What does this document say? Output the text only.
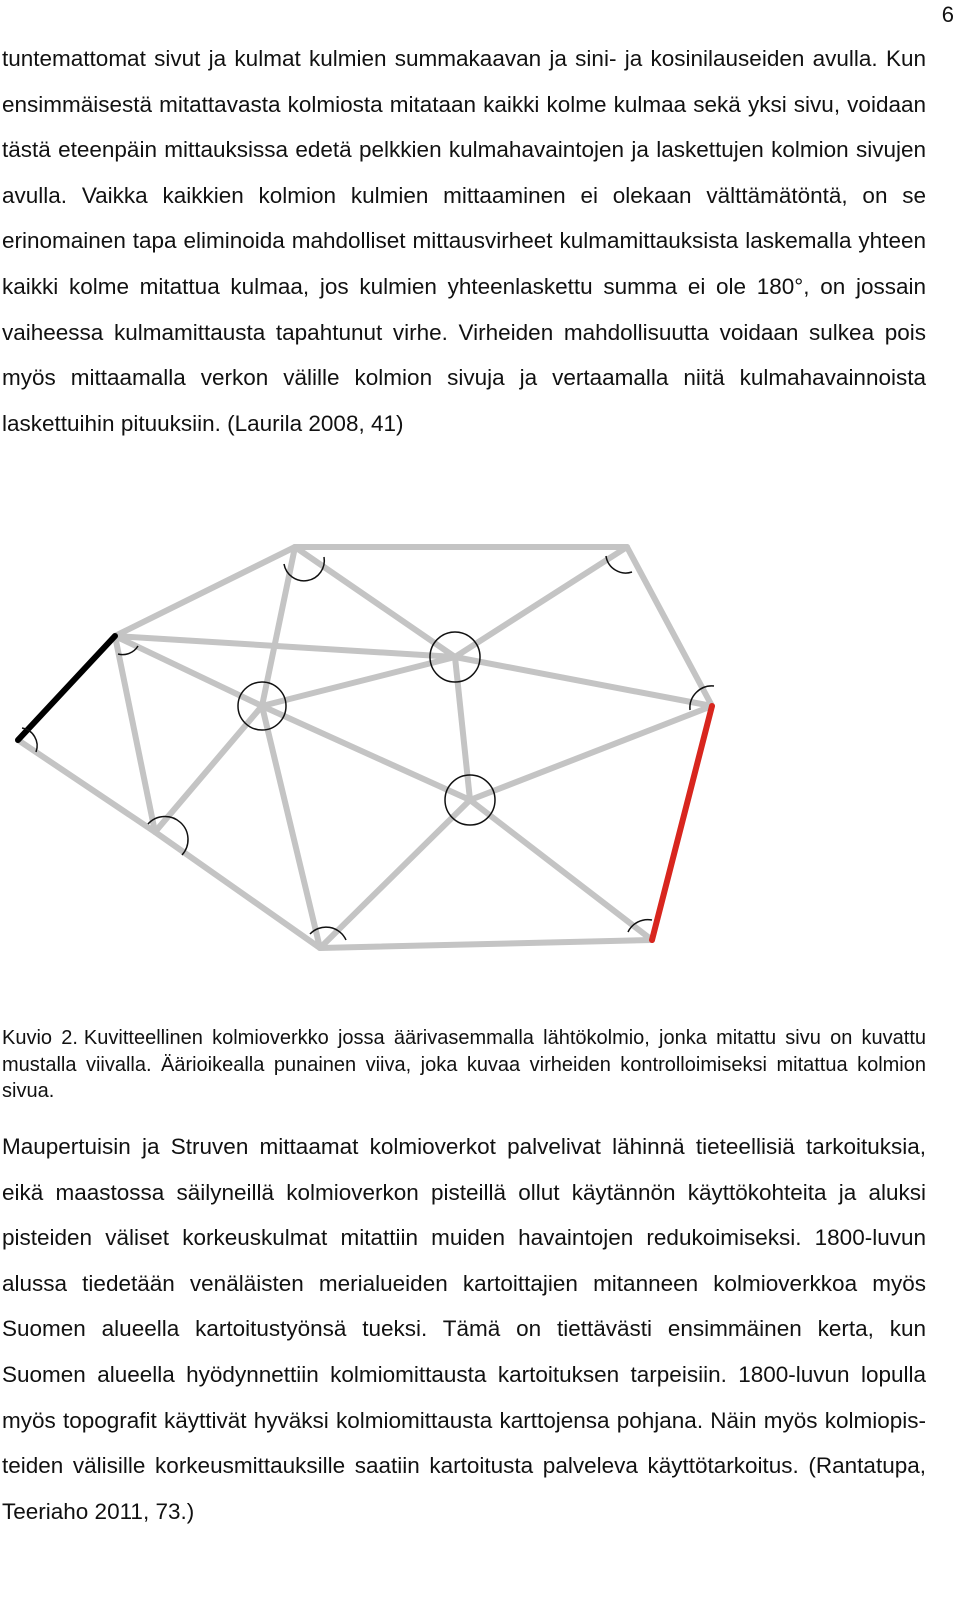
6

tuntemattomat sivut ja kulmat kulmien summakaavan ja sini- ja kosinilauseiden avulla. Kun ensimmäisestä mitattavasta kolmiosta mitataan kaikki kolme kulmaa sekä yksi sivu, voidaan tästä eteenpäin mittauksissa edetä pelkkien kulmahavaintojen ja laskettujen kolmion sivujen avulla. Vaikka kaikkien kolmion kulmien mittaaminen ei olekaan välttämätöntä, on se erinomainen tapa eliminoida mahdolliset mittausvirheet kulmamittauksista laskemalla yhteen kaikki kolme mitattua kulmaa, jos kulmien yhteenlaskettu summa ei ole 180°, on jossain vaiheessa kulmamittausta tapahtunut virhe. Virheiden mahdollisuutta voidaan sulkea pois myös mittaamalla verkon välille kolmion sivuja ja vertaamalla niitä kulmahavainnoista laskettuihin pituuksiin. (Laurila 2008, 41)

Kuvio 2. Kuvitteellinen kolmioverkko jossa äärivasemmalla lähtökolmio, jonka mitattu sivu on kuvattu mustalla viivalla. Äärioikealla punainen viiva, joka kuvaa virheiden kontrolloimiseksi mitattua kolmion sivua.

Maupertuisin ja Struven mittaamat kolmioverkot palvelivat lähinnä tieteellisiä tarkoituksia, eikä maastossa säilyneillä kolmioverkon pisteillä ollut käytännön käyttökohteita ja aluksi pisteiden väliset korkeuskulmat mitattiin muiden havaintojen redukoimiseksi. 1800-luvun alussa tiedetään venäläisten merialueiden kartoittajien mitanneen kolmioverkkoa myös Suomen alueella kartoitustyönsä tueksi. Tämä on tiettävästi ensimmäinen kerta, kun Suomen alueella hyödynnettiin kolmiomittausta kartoituksen tarpeisiin. 1800-luvun lopulla myös topografit käyttivät hyväksi kolmiomittausta karttojensa pohjana. Näin myös kolmiopisteiden välisille korkeusmittauksille saatiin kartoitusta palveleva käyttötarkoitus. (Rantatupa, Teeriaho 2011, 73.)
